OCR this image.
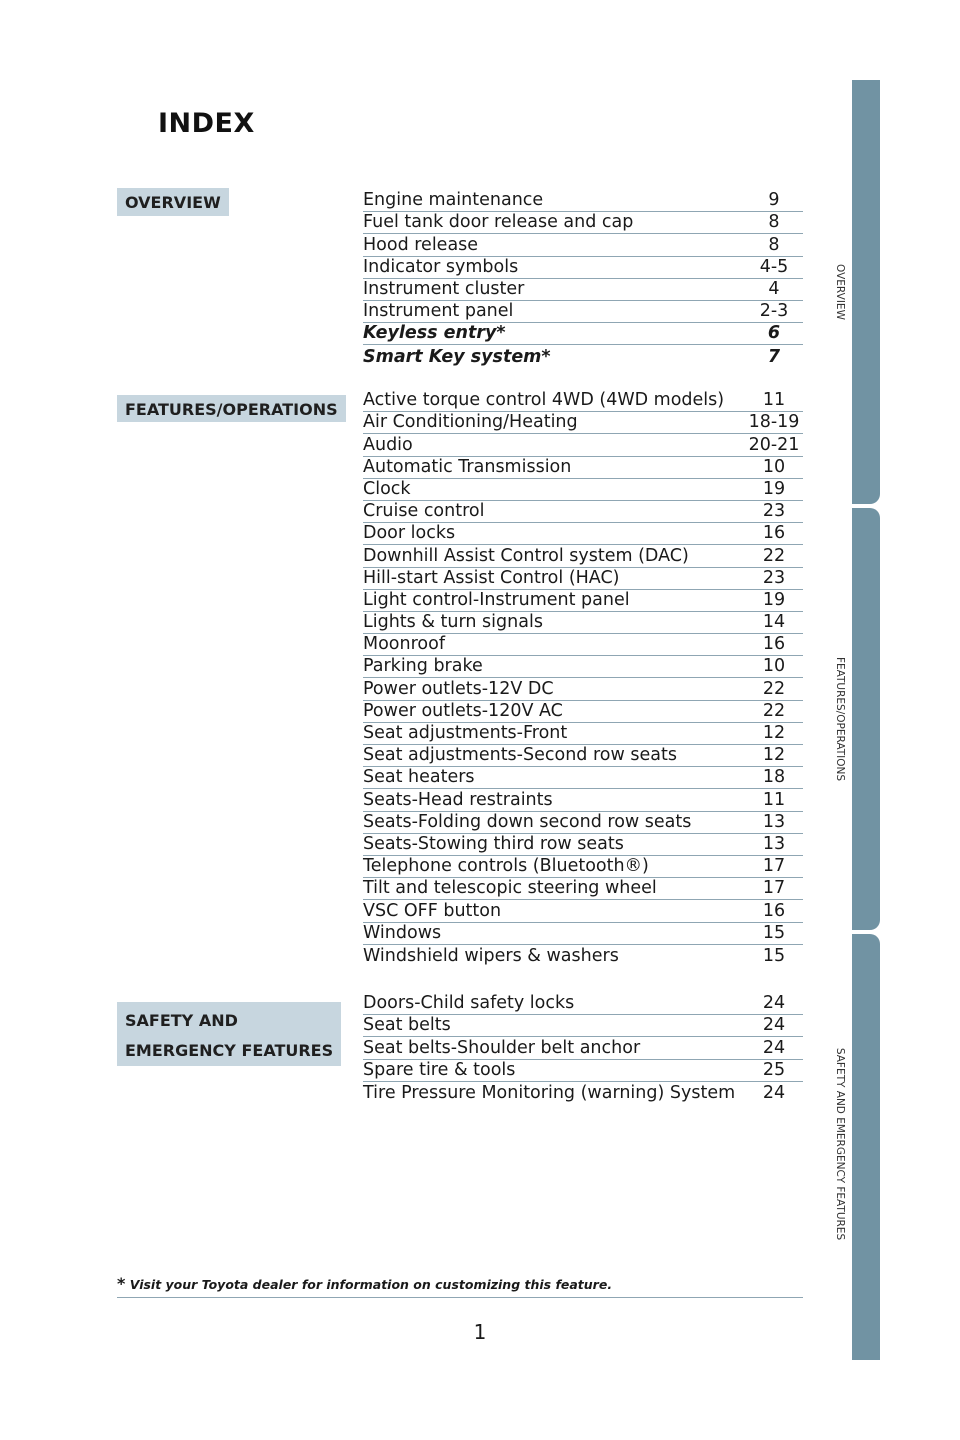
INDEX
OVERVIEW	Engine maintenance	9
Fuel tank door release and cap	8
Hood release	8
Indicator symbols	4-5
Instrument cluster	4
Instrument panel	2-3
Keyless entry*	6
Smart Key system*	7
FEATURES/OPERATIONS Active torque control 4WD (4WD models)	11
Air Conditioning/Heating	18-19
Audio	20-21
Automatic Transmission	10
Clock	19
Cruise control	23
Door locks	16
Downhill Assist Control system (DAC)	22
Hill-start Assist Control (HAC)	23
Light control-Instrument panel	19
Lights & turn signals	14
Moonroof	16
Parking brake	10
Power outlets-12V DC	22
Power outlets-120V AC	22
Seat adjustments-Front	12
Seat adjustments-Second row seats	12
Seat heaters	18
Seats-Head restraints	11
Seats-Folding down second row seats	13
Seats-Stowing third row seats	13
Telephone controls (Bluetooth®)	17
Tilt and telescopic steering wheel	17
VSC OFF button	16
Windows	15
Windshield wipers & washers	15
SAFETY AND
EMERGENCY FEATURES
Doors-Child safety locks	24
Seat belts	24
Seat belts-Shoulder belt anchor	24
Spare tire & tools	25
Tire Pressure Monitoring (warning) System	24
* Visit your Toyota dealer for information on customizing this feature.
1
OVERVIEW
FEATURES/OPERATIONS
SAFETY AND EMERGENCY FEATURES
